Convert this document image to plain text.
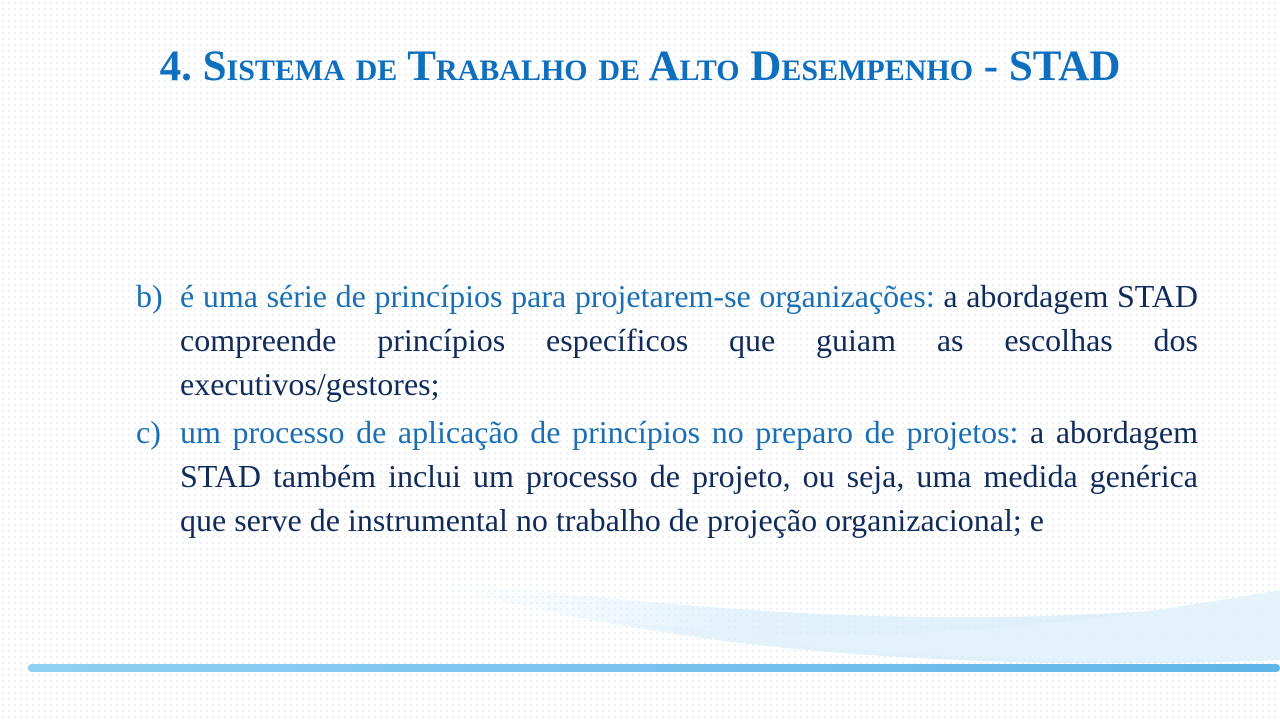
4. Sistema de Trabalho de Alto Desempenho - STAD
b) é uma série de princípios para projetarem-se organizações: a abordagem STAD compreende princípios específicos que guiam as escolhas dos executivos/gestores;
c) um processo de aplicação de princípios no preparo de projetos: a abordagem STAD também inclui um processo de projeto, ou seja, uma medida genérica que serve de instrumental no trabalho de projeção organizacional; e
